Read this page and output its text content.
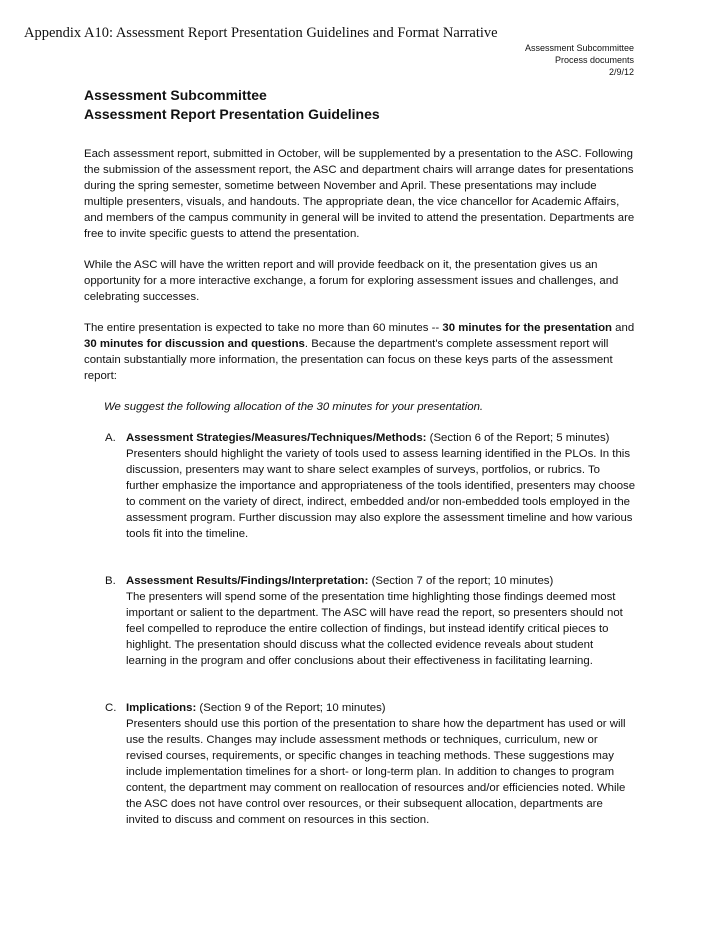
Appendix A10: Assessment Report Presentation Guidelines and Format Narrative
Assessment Subcommittee
Process documents
2/9/12
Assessment Subcommittee
Assessment Report Presentation Guidelines

Each assessment report, submitted in October, will be supplemented by a presentation to the ASC. Following the submission of the assessment report, the ASC and department chairs will arrange dates for presentations during the spring semester, sometime between November and April. These presentations may include multiple presenters, visuals, and handouts. The appropriate dean, the vice chancellor for Academic Affairs, and members of the campus community in general will be invited to attend the presentation. Departments are free to invite specific guests to attend the presentation.

While the ASC will have the written report and will provide feedback on it, the presentation gives us an opportunity for a more interactive exchange, a forum for exploring assessment issues and challenges, and celebrating successes.

The entire presentation is expected to take no more than 60 minutes -- 30 minutes for the presentation and 30 minutes for discussion and questions. Because the department's complete assessment report will contain substantially more information, the presentation can focus on these keys parts of the assessment report:

We suggest the following allocation of the 30 minutes for your presentation.

A. Assessment Strategies/Measures/Techniques/Methods: (Section 6 of the Report; 5 minutes)
Presenters should highlight the variety of tools used to assess learning identified in the PLOs. In this discussion, presenters may want to share select examples of surveys, portfolios, or rubrics. To further emphasize the importance and appropriateness of the tools identified, presenters may choose to comment on the variety of direct, indirect, embedded and/or non-embedded tools employed in the assessment program. Further discussion may also explore the assessment timeline and how various tools fit into the timeline.
B. Assessment Results/Findings/Interpretation: (Section 7 of the report; 10 minutes)
The presenters will spend some of the presentation time highlighting those findings deemed most important or salient to the department. The ASC will have read the report, so presenters should not feel compelled to reproduce the entire collection of findings, but instead identify critical pieces to highlight. The presentation should discuss what the collected evidence reveals about student learning in the program and offer conclusions about their effectiveness in facilitating learning.
C. Implications: (Section 9 of the Report; 10 minutes)
Presenters should use this portion of the presentation to share how the department has used or will use the results. Changes may include assessment methods or techniques, curriculum, new or revised courses, requirements, or specific changes in teaching methods. These suggestions may include implementation timelines for a short- or long-term plan. In addition to changes to program content, the department may comment on reallocation of resources and/or efficiencies noted. While the ASC does not have control over resources, or their subsequent allocation, departments are invited to discuss and comment on resources in this section.
